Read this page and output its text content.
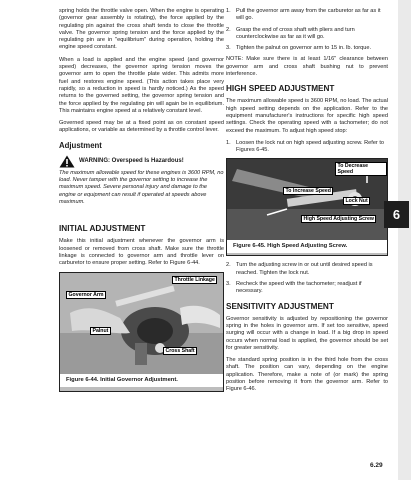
spring holds the throttle valve open. When the engine is operating (governor gear assembly is rotating), the force applied by the regulating pin against the cross shaft tends to close the throttle valve. The governor spring tension and the force applied by the regulating pin are in "equilibrium" during operation, holding the engine speed constant.

When a load is applied and the engine speed (and governor speed) decreases, the governor spring tension moves the governor arm to open the throttle plate wider. This admits more fuel and restores engine speed. (This action takes place very rapidly, so a reduction in speed is hardly noticed.) As the speed returns to the governed setting, the governor spring tension and the force applied by the regulating pin will again be in equilibrium. This maintains engine speed at a relatively constant level.

Governed speed may be at a fixed point as on constant speed applications, or variable as determined by a throttle control lever.

Adjustment
WARNING: Overspeed Is Hazardous!
The maximum allowable speed for these engines is 3600 RPM, no load. Never tamper with the governor setting to increase the maximum speed. Severe personal injury and damage to the engine or equipment can result if operated at speeds above maximum.
INITIAL ADJUSTMENT

Make this initial adjustment whenever the governor arm is loosened or removed from cross shaft. Make sure the throttle linkage is connected to governor arm and throttle lever on carburetor to ensure proper setting. Refer to Figure 6-44.

Throttle Linkage
Governor Arm
Palnut
Cross Shaft
Figure 6-44. Initial Governor Adjustment.
1. Pull the governor arm away from the carburetor as far as it will go.
2. Grasp the end of cross shaft with pliers and turn counterclockwise as far as it will go.
3. Tighten the palnut on governor arm to 15 in. lb. torque.

NOTE: Make sure there is at least 1/16" clearance between governor arm and cross shaft bushing nut to prevent interference.

HIGH SPEED ADJUSTMENT

The maximum allowable speed is 3600 RPM, no load. The actual high speed setting depends on the application. Refer to the equipment manufacturer's instructions for specific high speed settings. Check the operating speed with a tachometer; do not exceed the maximum. To adjust high speed stop:

1. Loosen the lock nut on high speed adjusting screw. Refer to Figures 6-45.
To Decrease Speed
To Increase Speed
Lock Nut
High Speed Adjusting Screw
Figure 6-45. High Speed Adjusting Screw.
2. Turn the adjusting screw in or out until desired speed is reached. Tighten the lock nut.
3. Recheck the speed with the tachometer; readjust if necessary.
SENSITIVITY ADJUSTMENT

Governor sensitivity is adjusted by repositioning the governor spring in the holes in governor arm. If set too sensitive, speed surging will occur with a change in load. If a big drop in speed occurs when normal load is applied, the governor should be set for greater sensitivity.

The standard spring position is in the third hole from the cross shaft. The position can vary, depending on the engine application. Therefore, make a note of (or mark) the spring position before removing it from the governor arm. Refer to Figure 6-46.

6
6.29
